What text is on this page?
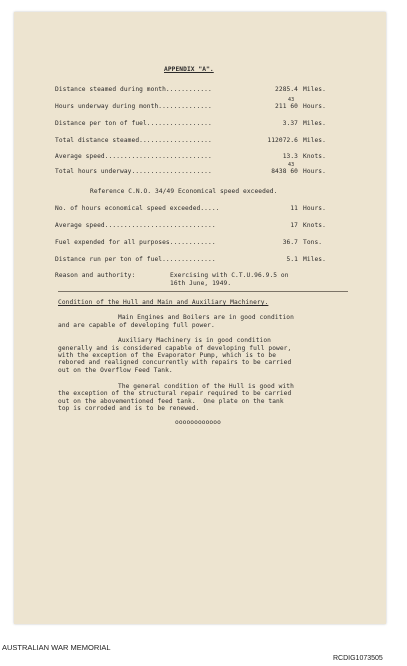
APPENDIX "A".
Distance steamed during month............	2285.4 Miles.
43
Hours underway during month..............	211 60 Hours.
Distance per ton of fuel.................	3.37 Miles.
Total distance steamed...................	112072.6 Miles.
Average speed............................	13.3 Knots.
43
Total hours underway.....................	8438 60 Hours.
Reference C.N.O. 34/49 Economical speed exceeded.
No. of hours economical speed exceeded.....	11 Hours.
Average speed.............................	17 Knots.
Fuel expended for all purposes............	36.7 Tons.
Distance run per ton of fuel..............	5.1 Miles.
Reason and authority:	Exercising with C.T.U.96.9.5 on
16th June, 1949.
Condition of the Hull and Main and Auxiliary Machinery.
Main Engines and Boilers are in good condition
and are capable of developing full power.
Auxiliary Machinery is in good condition
generally and is considered capable of developing full power,
with the exception of the Evaporator Pump, which is to be
rebored and realigned concurrently with repairs to be carried
out on the Overflow Feed Tank.
The general condition of the Hull is good with
the exception of the structural repair required to be carried
out on the abovementioned feed tank.  One plate on the tank
top is corroded and is to be renewed.
oooooooooooo
AUSTRALIAN WAR MEMORIAL
RCDIG1073505
